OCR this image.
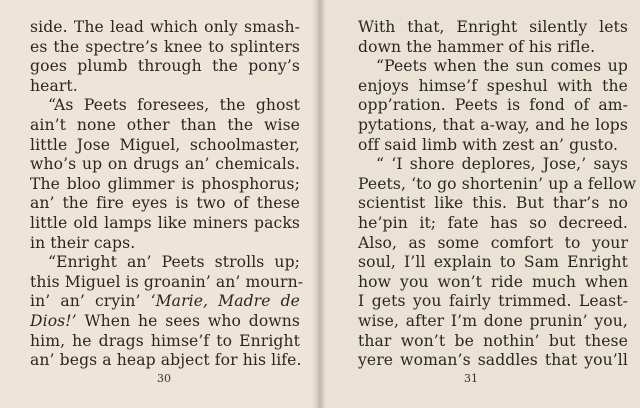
side. The lead which only smash-
es the spectre’s knee to splinters
goes plumb through the pony’s
heart.
“As Peets foresees, the ghost
ain’t none other than the wise
little Jose Miguel, schoolmaster,
who’s up on drugs an’ chemicals.
The bloo glimmer is phosphorus;
an’ the fire eyes is two of these
little old lamps like miners packs
in their caps.
“Enright an’ Peets strolls up;
this Miguel is groanin’ an’ mourn-
in’ an’ cryin’ ‘Marie, Madre de
Dios!’ When he sees who downs
him, he drags himse’f to Enright
an’ begs a heap abject for his life.
30
With that, Enright silently lets
down the hammer of his rifle.
“Peets when the sun comes up
enjoys himse’f speshul with the
opp’ration. Peets is fond of am-
pytations, that a-way, and he lops
off said limb with zest an’ gusto.
“ ‘I shore deplores, Jose,’ says
Peets, ‘to go shortenin’ up a fellow
scientist like this. But thar’s no
he’pin it; fate has so decreed.
Also, as some comfort to your
soul, I’ll explain to Sam Enright
how you won’t ride much when
I gets you fairly trimmed. Least-
wise, after I’m done prunin’ you,
thar won’t be nothin’ but these
yere woman’s saddles that you’ll
31
